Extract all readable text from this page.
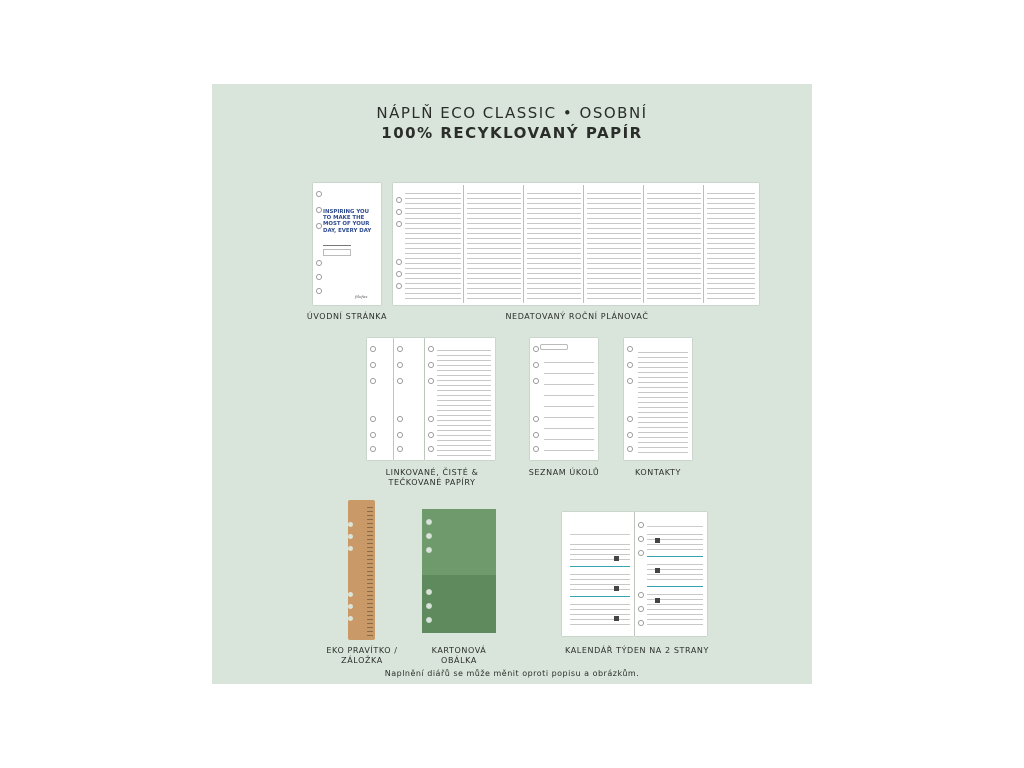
NÁPLŇ ECO CLASSIC • OSOBNÍ
100% RECYKLOVANÝ PAPÍR
INSPIRING YOU TO MAKE THE MOST OF YOUR DAY, EVERY DAY
filofax
ÚVODNÍ STRÁNKA	NEDATOVANÝ ROČNÍ PLÁNOVAČ
LINKOVANÉ, ČISTÉ &
TEČKOVANÉ PAPÍRY
SEZNAM ÚKOLŮ	KONTAKTY
EKO PRAVÍTKO /
ZÁLOŽKA
KARTONOVÁ
OBÁLKA
KALENDÁŘ TÝDEN NA 2 STRANY
Naplnění diářů se může měnit oproti popisu a obrázkům.
